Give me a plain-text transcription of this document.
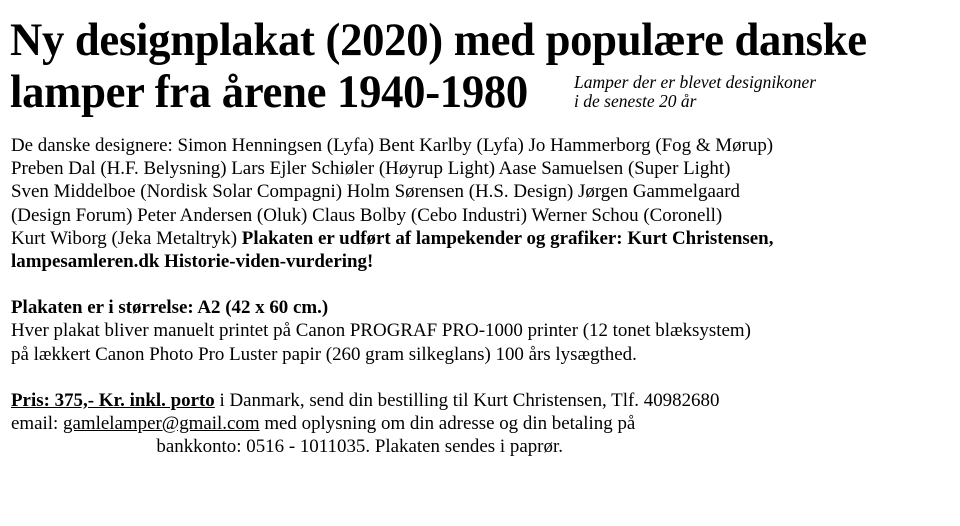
Ny designplakat (2020) med populære danske
lamper fra årene 1940-1980	Lamper der er blevet designikoner
i de seneste 20 år
De danske designere: Simon Henningsen (Lyfa) Bent Karlby (Lyfa) Jo Hammerborg (Fog & Mørup)
Preben Dal (H.F. Belysning) Lars Ejler Schiøler (Høyrup Light) Aase Samuelsen (Super Light)
Sven Middelboe (Nordisk Solar Compagni) Holm Sørensen (H.S. Design) Jørgen Gammelgaard
(Design Forum) Peter Andersen (Oluk) Claus Bolby (Cebo Industri) Werner Schou (Coronell)
Kurt Wiborg (Jeka Metaltryk) Plakaten er udført af lampekender og grafiker: Kurt Christensen,
lampesamleren.dk Historie-viden-vurdering!
Plakaten er i størrelse: A2 (42 x 60 cm.)
Hver plakat bliver manuelt printet på Canon PROGRAF PRO-1000 printer (12 tonet blæksystem)
på lækkert Canon Photo Pro Luster papir (260 gram silkeglans) 100 års lysægthed.
Pris: 375,- Kr. inkl. porto i Danmark, send din bestilling til Kurt Christensen, Tlf. 40982680
email: gamlelamper@gmail.com med oplysning om din adresse og din betaling på
bankkonto: 0516 - 1011035. Plakaten sendes i paprør.
